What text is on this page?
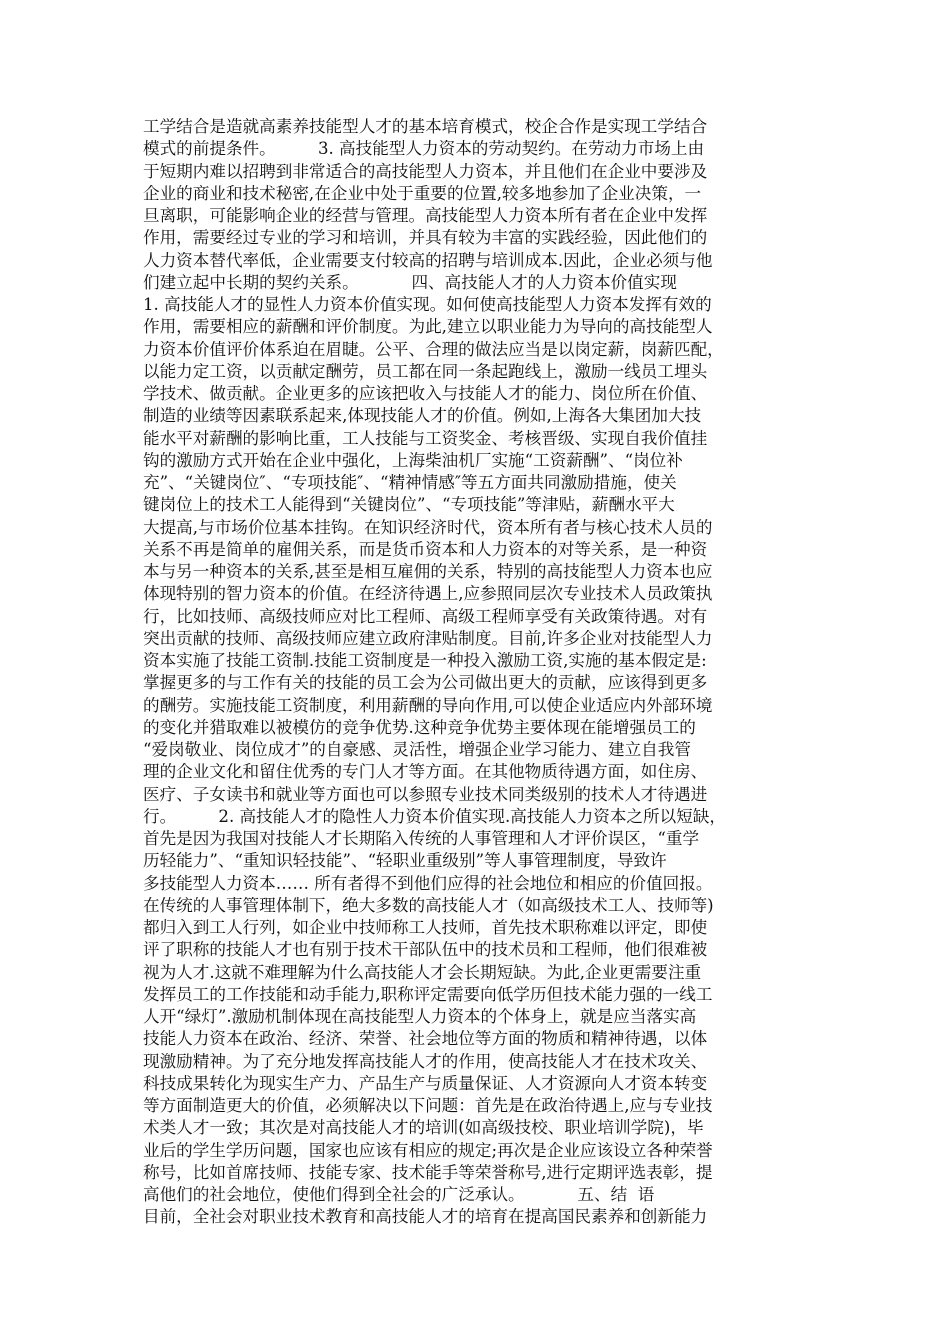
工学结合是造就高素养技能型人才的基本培育模式，校企合作是实现工学结合
模式的前提条件。        3. 高技能型人力资本的劳动契约。在劳动力市场上由
于短期内难以招聘到非常适合的高技能型人力资本，并且他们在企业中要涉及
企业的商业和技术秘密,在企业中处于重要的位置,较多地参加了企业决策，一
旦离职，可能影响企业的经营与管理。高技能型人力资本所有者在企业中发挥
作用，需要经过专业的学习和培训，并具有较为丰富的实践经验，因此他们的
人力资本替代率低，企业需要支付较高的招聘与培训成本.因此，企业必须与他
们建立起中长期的契约关系。          四、高技能人才的人力资本价值实现
1. 高技能人才的显性人力资本价值实现。如何使高技能型人力资本发挥有效的
作用，需要相应的薪酬和评价制度。为此,建立以职业能力为导向的高技能型人
力资本价值评价体系迫在眉睫。公平、合理的做法应当是以岗定薪，岗薪匹配，
以能力定工资，以贡献定酬劳，员工都在同一条起跑线上，激励一线员工埋头
学技术、做贡献。企业更多的应该把收入与技能人才的能力、岗位所在价值、
制造的业绩等因素联系起来,体现技能人才的价值。例如,上海各大集团加大技
能水平对薪酬的影响比重，工人技能与工资奖金、考核晋级、实现自我价值挂
钩的激励方式开始在企业中强化，上海柴油机厂实施“工资薪酬”、“岗位补
充”、“关键岗位″、“专项技能″、“精神情感″等五方面共同激励措施，使关
键岗位上的技术工人能得到“关键岗位”、“专项技能”等津贴，薪酬水平大
大提高,与市场价位基本挂钩。在知识经济时代，资本所有者与核心技术人员的
关系不再是简单的雇佣关系，而是货币资本和人力资本的对等关系，是一种资
本与另一种资本的关系,甚至是相互雇佣的关系，特别的高技能型人力资本也应
体现特别的智力资本的价值。在经济待遇上,应参照同层次专业技术人员政策执
行，比如技师、高级技师应对比工程师、高级工程师享受有关政策待遇。对有
突出贡献的技师、高级技师应建立政府津贴制度。目前,许多企业对技能型人力
资本实施了技能工资制.技能工资制度是一种投入激励工资,实施的基本假定是:
掌握更多的与工作有关的技能的员工会为公司做出更大的贡献，应该得到更多
的酬劳。实施技能工资制度，利用薪酬的导向作用,可以使企业适应内外部环境
的变化并猎取难以被模仿的竞争优势.这种竞争优势主要体现在能增强员工的
“爱岗敬业、岗位成才”的自豪感、灵活性，增强企业学习能力、建立自我管
理的企业文化和留住优秀的专门人才等方面。在其他物质待遇方面，如住房、
医疗、子女读书和就业等方面也可以参照专业技术同类级别的技术人才待遇进
行。        2. 高技能人才的隐性人力资本价值实现.高技能人力资本之所以短缺，
首先是因为我国对技能人才长期陷入传统的人事管理和人才评价误区，“重学
历轻能力”、“重知识轻技能”、“轻职业重级别”等人事管理制度，导致许
多技能型人力资本…… 所有者得不到他们应得的社会地位和相应的价值回报。
在传统的人事管理体制下，绝大多数的高技能人才（如高级技术工人、技师等)
都归入到工人行列，如企业中技师称工人技师，首先技术职称难以评定，即使
评了职称的技能人才也有别于技术干部队伍中的技术员和工程师，他们很难被
视为人才.这就不难理解为什么高技能人才会长期短缺。为此,企业更需要注重
发挥员工的工作技能和动手能力,职称评定需要向低学历但技术能力强的一线工
人开“绿灯”.激励机制体现在高技能型人力资本的个体身上，就是应当落实高
技能人力资本在政治、经济、荣誉、社会地位等方面的物质和精神待遇，以体
现激励精神。为了充分地发挥高技能人才的作用，使高技能人才在技术攻关、
科技成果转化为现实生产力、产品生产与质量保证、人才资源向人才资本转变
等方面制造更大的价值，必须解决以下问题：首先是在政治待遇上,应与专业技
术类人才一致；其次是对高技能人才的培训(如高级技校、职业培训学院)，毕
业后的学生学历问题，国家也应该有相应的规定;再次是企业应该设立各种荣誉
称号，比如首席技师、技能专家、技术能手等荣誉称号,进行定期评选表彰，提
高他们的社会地位，使他们得到全社会的广泛承认。          五、结  语
目前，全社会对职业技术教育和高技能人才的培育在提高国民素养和创新能力
